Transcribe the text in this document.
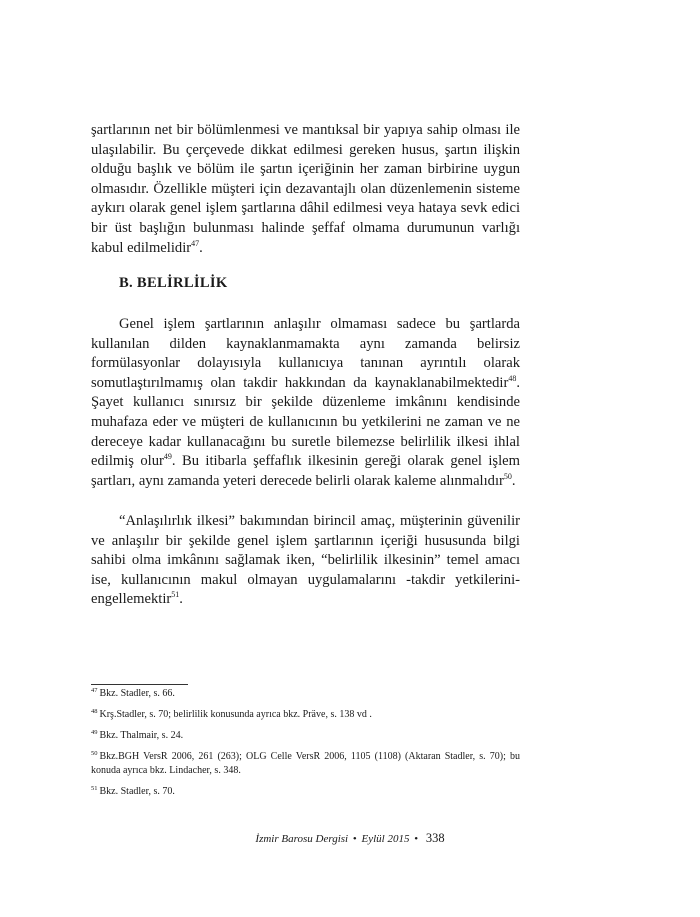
şartlarının net bir bölümlenmesi ve mantıksal bir yapıya sahip olması ile ulaşılabilir. Bu çerçevede dikkat edilmesi gereken husus, şartın ilişkin olduğu başlık ve bölüm ile şartın içeriğinin her zaman birbirine uygun olmasıdır. Özellikle müşteri için dezavantajlı olan düzenlemenin sisteme aykırı olarak genel işlem şartlarına dâhil edilmesi veya hataya sevk edici bir üst başlığın bulunması halinde şeffaf olmama durumunun varlığı kabul edilmelidir$^{47}$.

B. BELİRLİLİK

Genel işlem şartlarının anlaşılır olmaması sadece bu şartlarda kullanılan dilden kaynaklanmamakta aynı zamanda belirsiz formülasyonlar dolayısıyla kullanıcıya tanınan ayrıntılı olarak somutlaştırılmamış olan takdir hakkından da kaynaklanabilmektedir$^{48}$. Şayet kullanıcı sınırsız bir şekilde düzenleme imkânını kendisinde muhafaza eder ve müşteri de kullanıcının bu yetkilerini ne zaman ve ne dereceye kadar kullanacağını bu suretle bilemezse belirlilik ilkesi ihlal edilmiş olur$^{49}$. Bu itibarla şeffaflık ilkesinin gereği olarak genel işlem şartları, aynı zamanda yeteri derecede belirli olarak kaleme alınmalıdır$^{50}$.

“Anlaşılırlık ilkesi” bakımından birincil amaç, müşterinin güvenilir ve anlaşılır bir şekilde genel işlem şartlarının içeriği hususunda bilgi sahibi olma imkânını sağlamak iken, “belirlilik ilkesinin” temel amacı ise, kullanıcının makul olmayan uygulamalarını -takdir yetkilerini- engellemektir$^{51}$.

$^{47}$ Bkz. Stadler, s. 66.

$^{48}$ Krş.Stadler, s. 70; belirlilik konusunda ayrıca bkz. Präve, s. 138 vd .

$^{49}$ Bkz. Thalmair, s. 24.

$^{50}$ Bkz.BGH VersR 2006, 261 (263); OLG Celle VersR 2006, 1105 (1108) (Aktaran Stadler, s. 70); bu konuda ayrıca bkz. Lindacher, s. 348.

$^{51}$ Bkz. Stadler, s. 70.

İzmir Barosu Dergisi • Eylül 2015 • 338
